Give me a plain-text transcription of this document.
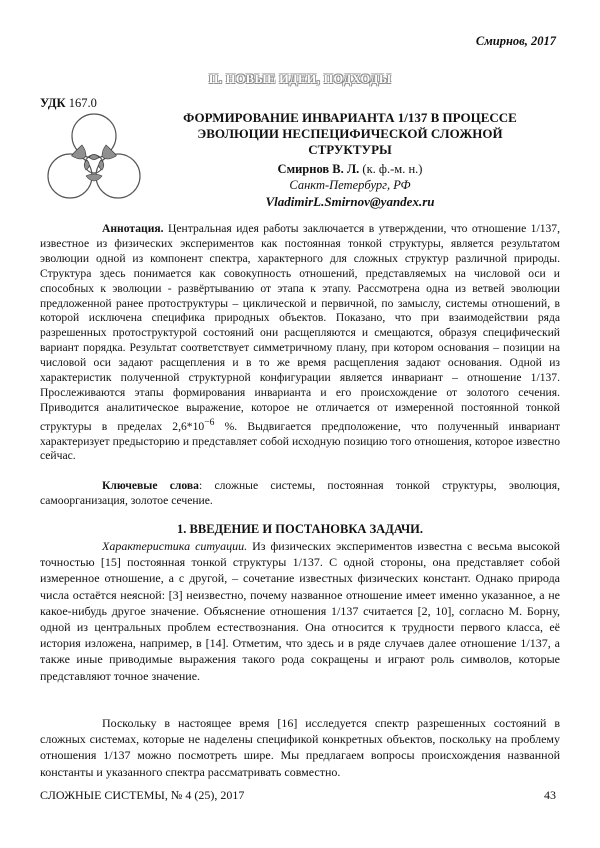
Смирнов, 2017
II. НОВЫЕ ИДЕИ, ПОДХОДЫ
УДК 167.0
ФОРМИРОВАНИЕ ИНВАРИАНТА 1/137 В ПРОЦЕССЕ ЭВОЛЮЦИИ НЕСПЕЦИФИЧЕСКОЙ СЛОЖНОЙ СТРУКТУРЫ
Смирнов В. Л. (к. ф.-м. н.)
Санкт-Петербург, РФ
VladimirL.Smirnov@yandex.ru

Аннотация. Центральная идея работы заключается в утверждении, что отношение 1/137, известное из физических экспериментов как постоянная тонкой структуры, является результатом эволюции одной из компонент спектра, характерного для сложных структур различной природы. Структура здесь понимается как совокупность отношений, представляемых на числовой оси и способных к эволюции - развёртыванию от этапа к этапу. Рассмотрена одна из ветвей эволюции предложенной ранее протоструктуры – циклической и первичной, по замыслу, системы отношений, в которой исключена специфика природных объектов. Показано, что при взаимодействии ряда разрешенных протоструктурой состояний они расщепляются и смещаются, образуя специфический вариант порядка. Результат соответствует симметричному плану, при котором основания – позиции на числовой оси задают расщепления и в то же время расщепления задают основания. Одной из характеристик полученной структурной конфигурации является инвариант – отношение 1/137. Прослеживаются этапы формирования инварианта и его происхождение от золотого сечения. Приводится аналитическое выражение, которое не отличается от измеренной постоянной тонкой структуры в пределах $2,6*10^{-6}$ %. Выдвигается предположение, что полученный инвариант характеризует предысторию и представляет собой исходную позицию того отношения, которое известно сейчас.

Ключевые слова: сложные системы, постоянная тонкой структуры, эволюция, самоорганизация, золотое сечение.

1. ВВЕДЕНИЕ И ПОСТАНОВКА ЗАДАЧИ.

Характеристика ситуации. Из физических экспериментов известна с весьма высокой точностью [15] постоянная тонкой структуры 1/137. С одной стороны, она представляет собой измеренное отношение, а с другой, – сочетание известных физических констант. Однако природа числа остаётся неясной: [3] неизвестно, почему названное отношение имеет именно указанное, а не какое-нибудь другое значение. Объяснение отношения 1/137 считается [2, 10], согласно М. Борну, одной из центральных проблем естествознания. Она относится к трудности первого класса, её история изложена, например, в [14]. Отметим, что здесь и в ряде случаев далее отношение 1/137, а также иные приводимые выражения такого рода сокращены и играют роль символов, которые представляют точное значение.

Поскольку в настоящее время [16] исследуется спектр разрешенных состояний в сложных системах, которые не наделены спецификой конкретных объектов, поскольку на проблему отношения 1/137 можно посмотреть шире. Мы предлагаем вопросы происхождения названной константы и указанного спектра рассматривать совместно.

СЛОЖНЫЕ СИСТЕМЫ, № 4 (25), 2017	43
